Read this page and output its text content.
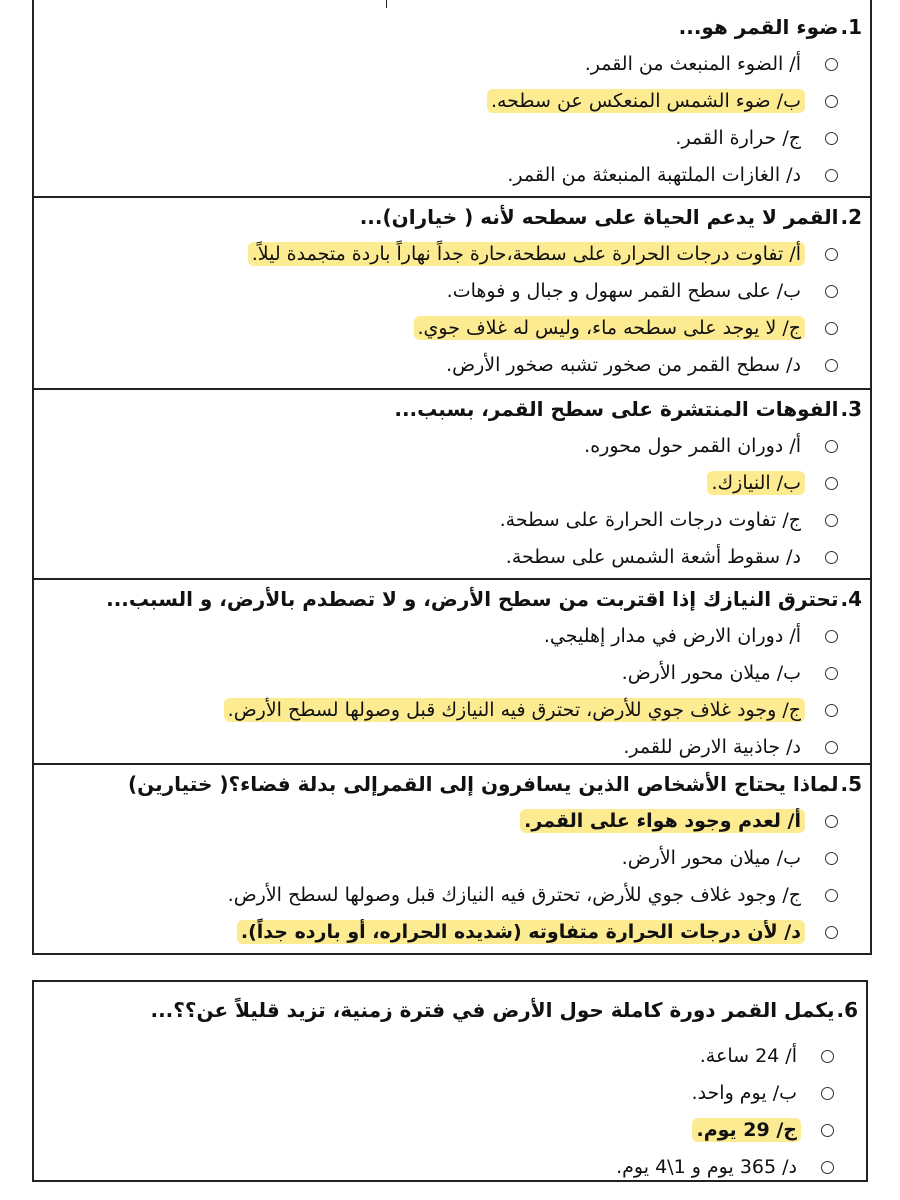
1.ضوء القمر هو...
أ/ الضوء المنبعث من القمر.
ب/ ضوء الشمس المنعكس عن سطحه.
ج/ حرارة القمر.
د/ الغازات الملتهبة المنبعثة من القمر.
2.القمر لا يدعم الحياة على سطحه لأنه ( خياران)...
أ/ تفاوت درجات الحرارة على سطحة،حارة جداً نهاراً باردة متجمدة ليلاً.
ب/ على سطح القمر سهول و جبال و فوهات.
ج/ لا يوجد على سطحه ماء، وليس له غلاف جوي.
د/ سطح القمر من صخور تشبه صخور الأرض.
3.الفوهات المنتشرة على سطح القمر، بسبب...
أ/ دوران القمر حول محوره.
ب/ النيازك.
ج/ تفاوت درجات الحرارة على سطحة.
د/ سقوط أشعة الشمس على سطحة.
4.تحترق النيازك إذا اقتربت من سطح الأرض، و لا تصطدم بالأرض، و السبب...
أ/ دوران الارض في مدار إهليجي.
ب/ ميلان محور الأرض.
ج/ وجود غلاف جوي للأرض، تحترق فيه النيازك قبل وصولها لسطح الأرض.
د/ جاذبية الارض للقمر.
5.لماذا يحتاج الأشخاص الذين يسافرون إلى القمرإلى بدلة فضاء؟( ختيارين)
أ/ لعدم وجود هواء على القمر.
ب/ ميلان محور الأرض.
ج/ وجود غلاف جوي للأرض، تحترق فيه النيازك قبل وصولها لسطح الأرض.
د/ لأن درجات الحرارة متفاوته (شديده الحراره، أو بارده جداً).
6.يكمل القمر دورة كاملة حول الأرض في فترة زمنية، تزيد قليلاً عن؟؟...
أ/ 24 ساعة.
ب/ يوم واحد.
ج/ 29 يوم.
د/ 365 يوم و 1\4 يوم.
